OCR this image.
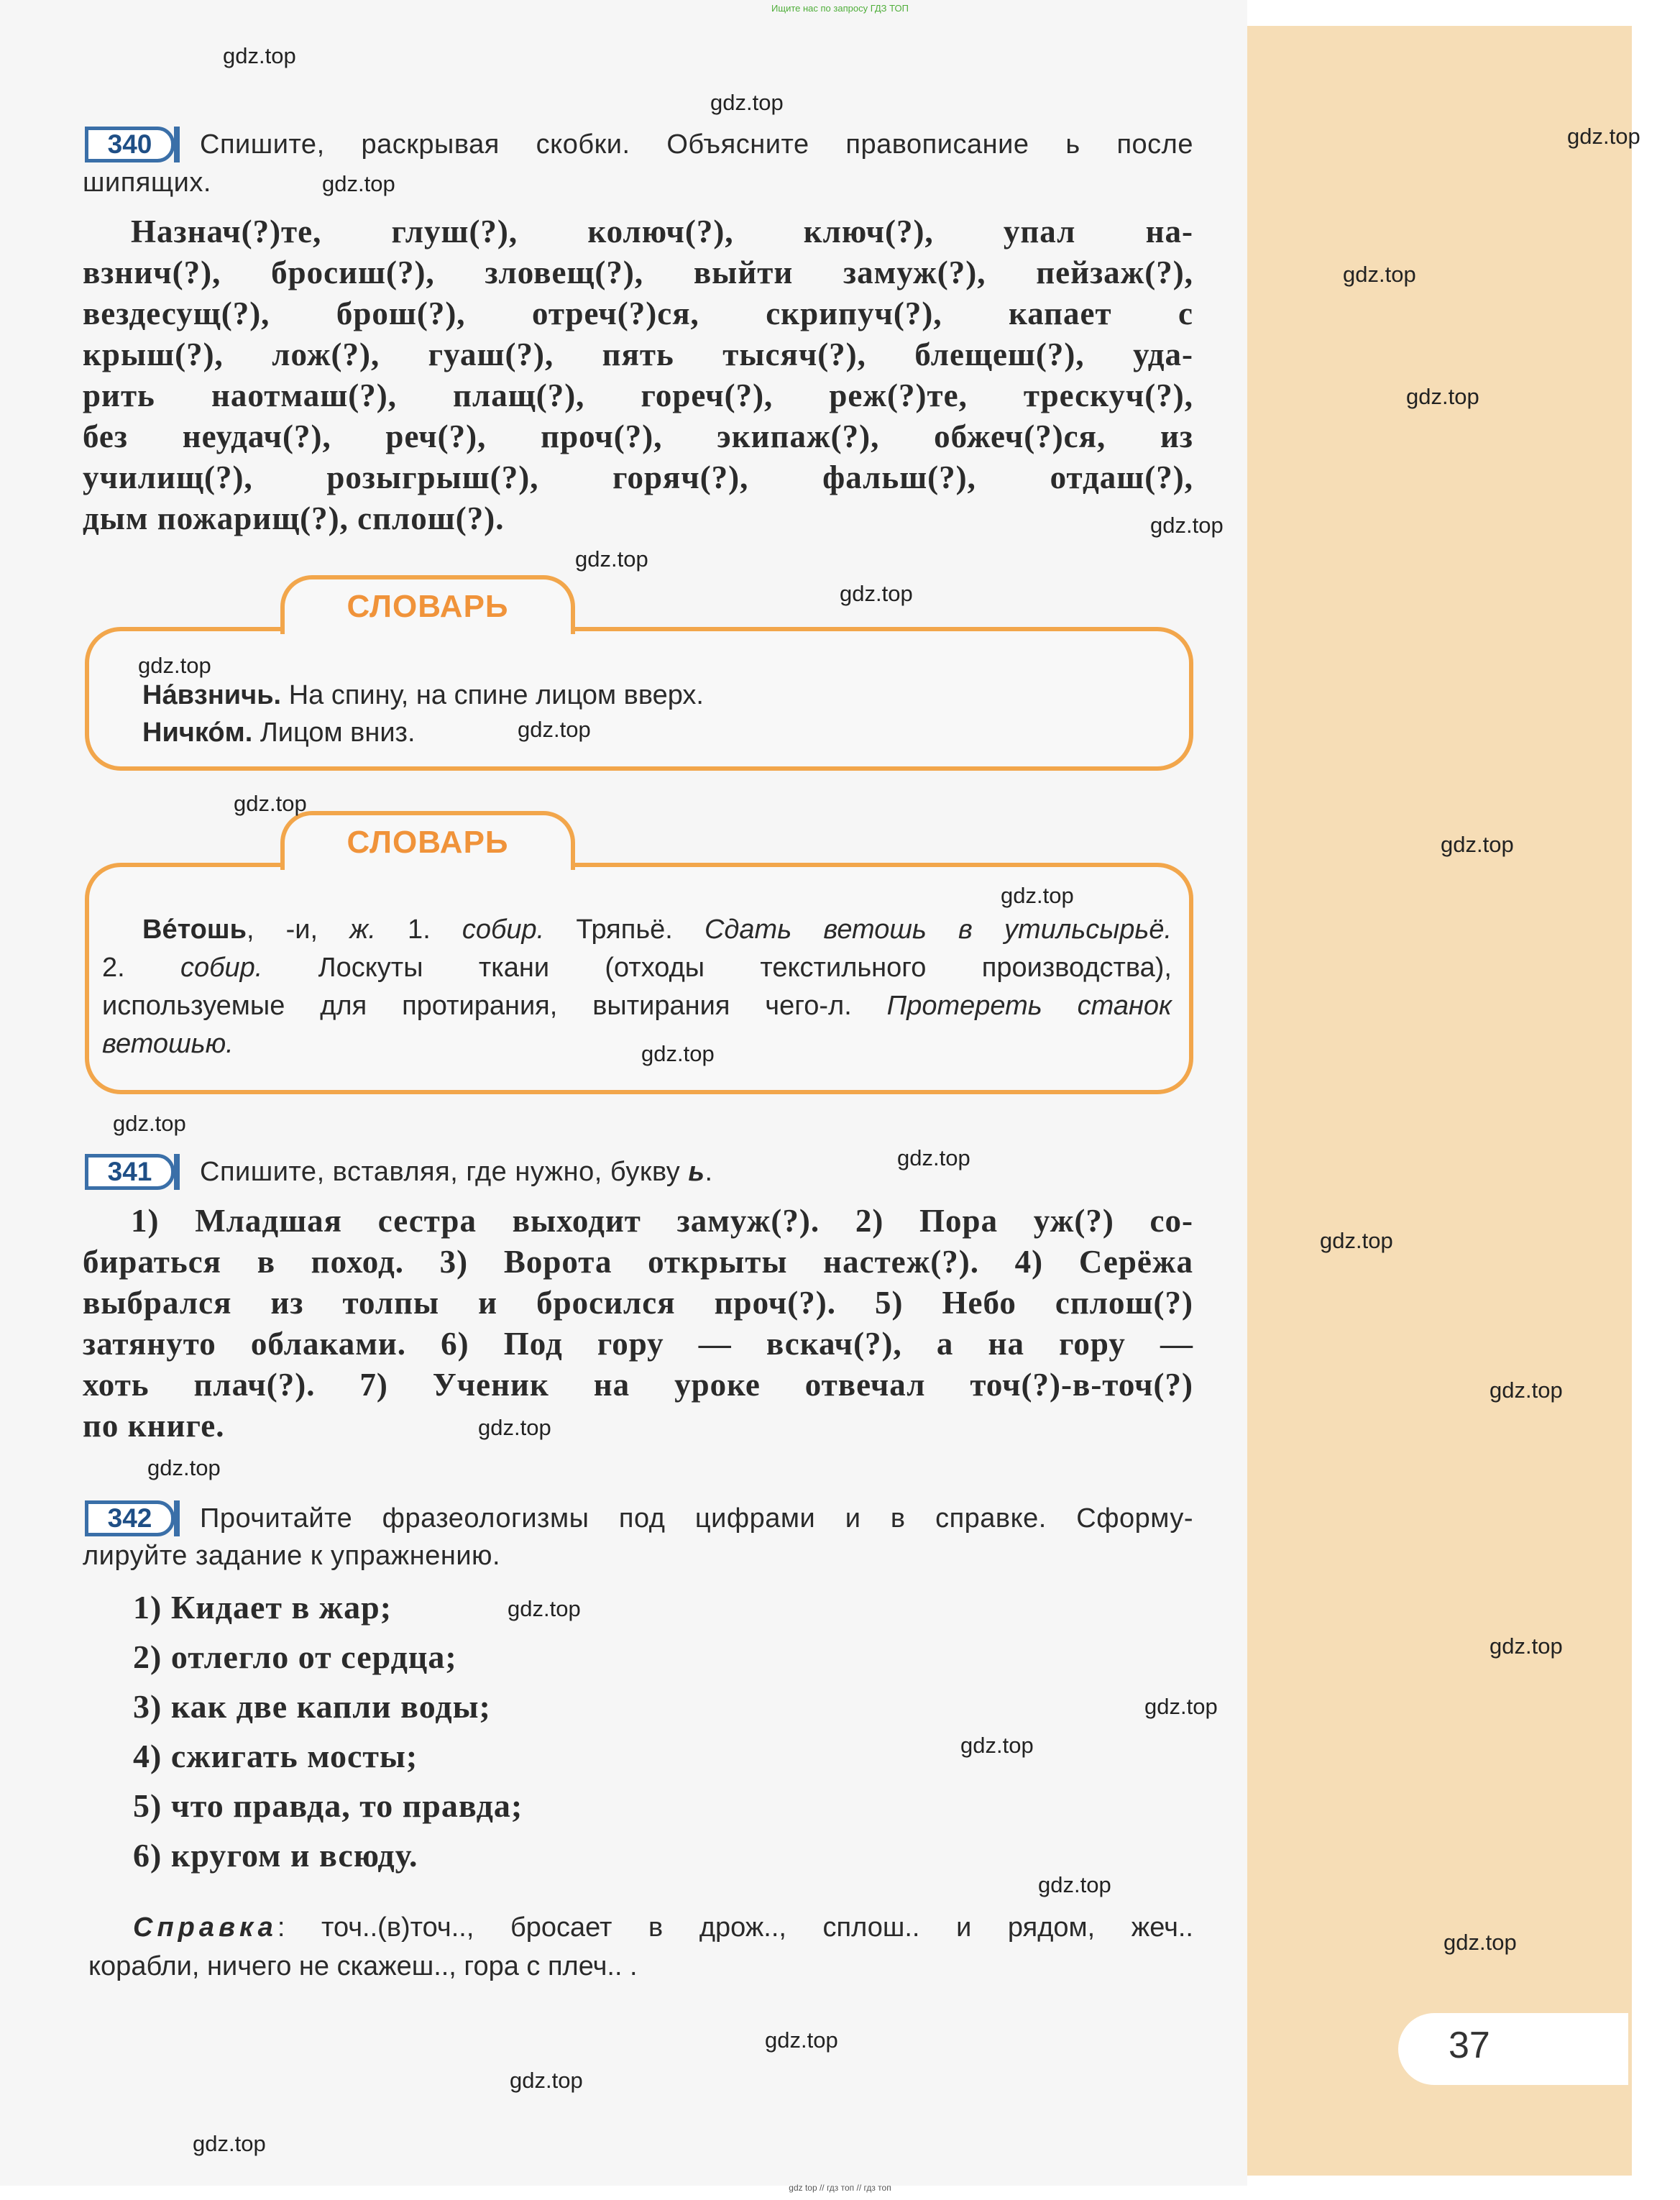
Ищите нас по запросу ГДЗ ТОП
340	Спишите, раскрывая скобки. Объясните правописание ь после
шипящих.
Назнач(?)те, глуш(?), колюч(?), ключ(?), упал на-
взнич(?), бросиш(?), зловещ(?), выйти замуж(?), пейзаж(?),
вездесущ(?), брош(?), отреч(?)ся, скрипуч(?), капает с
крыш(?), лож(?), гуаш(?), пять тысяч(?), блещеш(?), уда-
рить наотмаш(?), плащ(?), гореч(?), реж(?)те, трескуч(?),
без неудач(?), реч(?), проч(?), экипаж(?), обжеч(?)ся, из
училищ(?), розыгрыш(?), горяч(?), фальш(?), отдаш(?),
дым пожарищ(?), сплош(?).
СЛОВАРЬ
На́взничь. На спину, на спине лицом вверх.
Ничко́м. Лицом вниз.
СЛОВАРЬ
Ве́тошь, -и, ж. 1. собир. Тряпьё. Сдать ветошь в утильсырьё.
2. собир. Лоскуты ткани (отходы текстильного производства),
используемые для протирания, вытирания чего-л. Протереть станок
ветошью.
341	Спишите, вставляя, где нужно, букву ь.
1) Младшая сестра выходит замуж(?). 2) Пора уж(?) со-
бираться в поход. 3) Ворота открыты настеж(?). 4) Серёжа
выбрался из толпы и бросился проч(?). 5) Небо сплош(?)
затянуто облаками. 6) Под гору — вскач(?), а на гору —
хоть плач(?). 7) Ученик на уроке отвечал точ(?)-в-точ(?)
по книге.
342	Прочитайте фразеологизмы под цифрами и в справке. Сформу-
лируйте задание к упражнению.
1) Кидает в жар;
2) отлегло от сердца;
3) как две капли воды;
4) сжигать мосты;
5) что правда, то правда;
6) кругом и всюду.
Справка: точ..(в)точ.., бросает в дрож.., сплош.. и рядом, жеч..
корабли, ничего не скажеш.., гора с плеч.. .
37
gdz.top
gdz.top
gdz.top
gdz.top
gdz.top
gdz.top
gdz.top
gdz.top
gdz.top
gdz.top
gdz.top
gdz.top
gdz.top
gdz.top
gdz.top
gdz.top
gdz.top
gdz.top
gdz.top
gdz.top
gdz.top
gdz.top
gdz.top
gdz.top
gdz.top
gdz.top
gdz.top
gdz.top
gdz.top
gdz.top
gdz top // гдз топ // гдз топ
